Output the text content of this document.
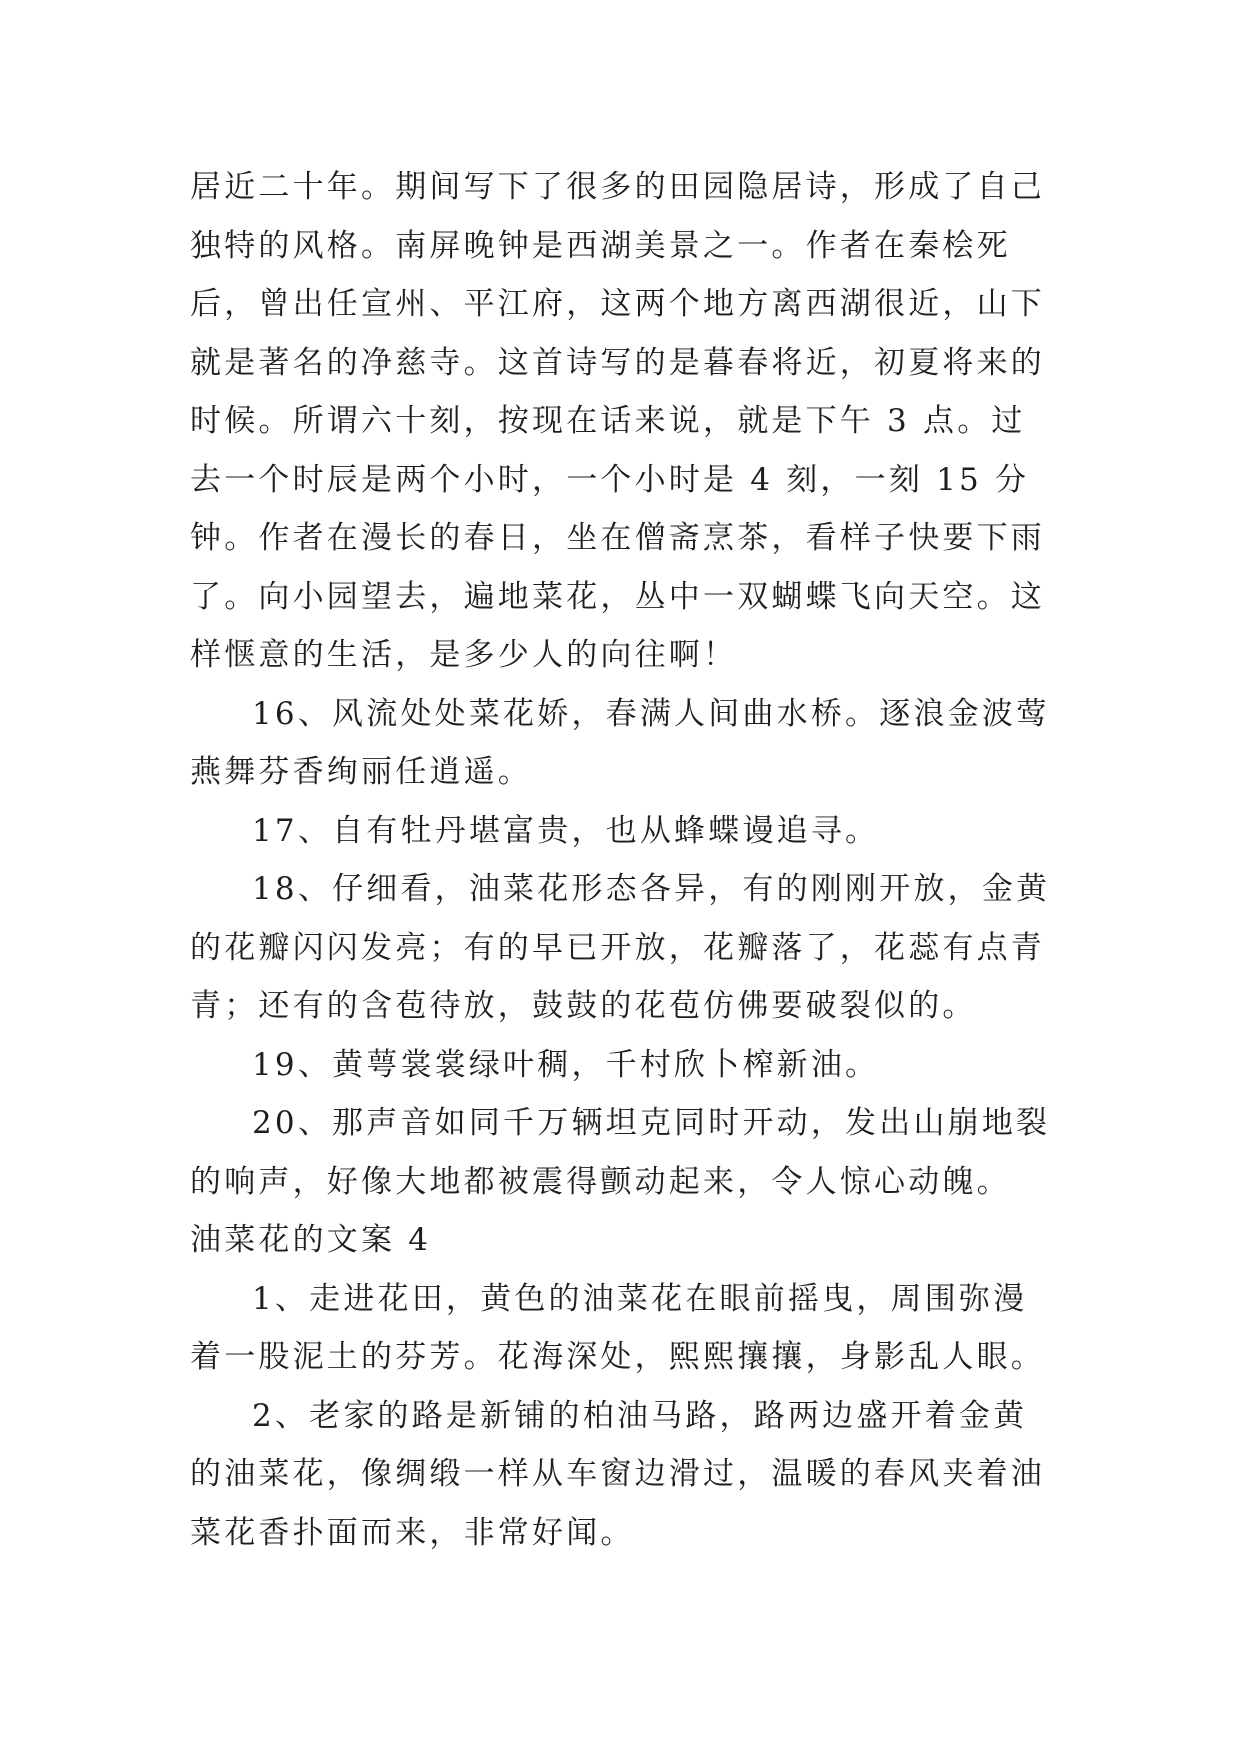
居近二十年。期间写下了很多的田园隐居诗，形成了自己独特的风格。南屏晚钟是西湖美景之一。作者在秦桧死后，曾出任宣州、平江府，这两个地方离西湖很近，山下就是著名的净慈寺。这首诗写的是暮春将近，初夏将来的时候。所谓六十刻，按现在话来说，就是下午 3 点。过去一个时辰是两个小时，一个小时是 4 刻，一刻 15 分钟。作者在漫长的春日，坐在僧斋烹茶，看样子快要下雨了。向小园望去，遍地菜花，丛中一双蝴蝶飞向天空。这样惬意的生活，是多少人的向往啊！

16、风流处处菜花娇，春满人间曲水桥。逐浪金波莺燕舞芬香绚丽任逍遥。

17、自有牡丹堪富贵，也从蜂蝶谩追寻。

18、仔细看，油菜花形态各异，有的刚刚开放，金黄的花瓣闪闪发亮；有的早已开放，花瓣落了，花蕊有点青青；还有的含苞待放，鼓鼓的花苞仿佛要破裂似的。

19、黄萼裳裳绿叶稠，千村欣卜榨新油。

20、那声音如同千万辆坦克同时开动，发出山崩地裂的响声，好像大地都被震得颤动起来，令人惊心动魄。

油菜花的文案 4

1、走进花田，黄色的油菜花在眼前摇曳，周围弥漫着一股泥土的芬芳。花海深处，熙熙攘攘，身影乱人眼。

2、老家的路是新铺的柏油马路，路两边盛开着金黄的油菜花，像绸缎一样从车窗边滑过，温暖的春风夹着油菜花香扑面而来，非常好闻。
